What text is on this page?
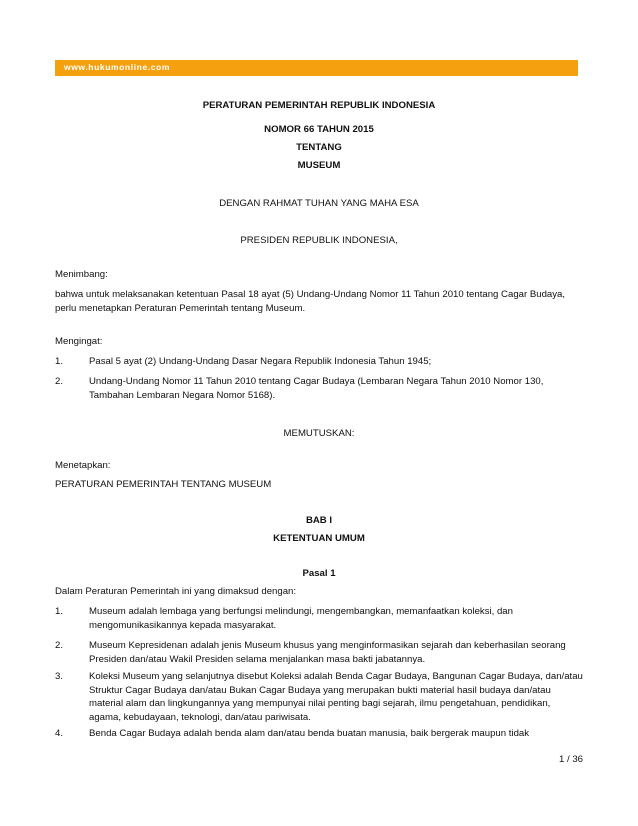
www.hukumonline.com
PERATURAN PEMERINTAH REPUBLIK INDONESIA
NOMOR 66 TAHUN 2015
TENTANG
MUSEUM
DENGAN RAHMAT TUHAN YANG MAHA ESA
PRESIDEN REPUBLIK INDONESIA,
Menimbang:
bahwa untuk melaksanakan ketentuan Pasal 18 ayat (5) Undang-Undang Nomor 11 Tahun 2010 tentang Cagar Budaya, perlu menetapkan Peraturan Pemerintah tentang Museum.
Mengingat:
1.	Pasal 5 ayat (2) Undang-Undang Dasar Negara Republik Indonesia Tahun 1945;
2.	Undang-Undang Nomor 11 Tahun 2010 tentang Cagar Budaya (Lembaran Negara Tahun 2010 Nomor 130, Tambahan Lembaran Negara Nomor 5168).
MEMUTUSKAN:
Menetapkan:
PERATURAN PEMERINTAH TENTANG MUSEUM
BAB I
KETENTUAN UMUM
Pasal 1
Dalam Peraturan Pemerintah ini yang dimaksud dengan:
1.	Museum adalah lembaga yang berfungsi melindungi, mengembangkan, memanfaatkan koleksi, dan mengomunikasikannya kepada masyarakat.
2.	Museum Kepresidenan adalah jenis Museum khusus yang menginformasikan sejarah dan keberhasilan seorang Presiden dan/atau Wakil Presiden selama menjalankan masa bakti jabatannya.
3.	Koleksi Museum yang selanjutnya disebut Koleksi adalah Benda Cagar Budaya, Bangunan Cagar Budaya, dan/atau Struktur Cagar Budaya dan/atau Bukan Cagar Budaya yang merupakan bukti material hasil budaya dan/atau material alam dan lingkungannya yang mempunyai nilai penting bagi sejarah, ilmu pengetahuan, pendidikan, agama, kebudayaan, teknologi, dan/atau pariwisata.
4.	Benda Cagar Budaya adalah benda alam dan/atau benda buatan manusia, baik bergerak maupun tidak
1 / 36
